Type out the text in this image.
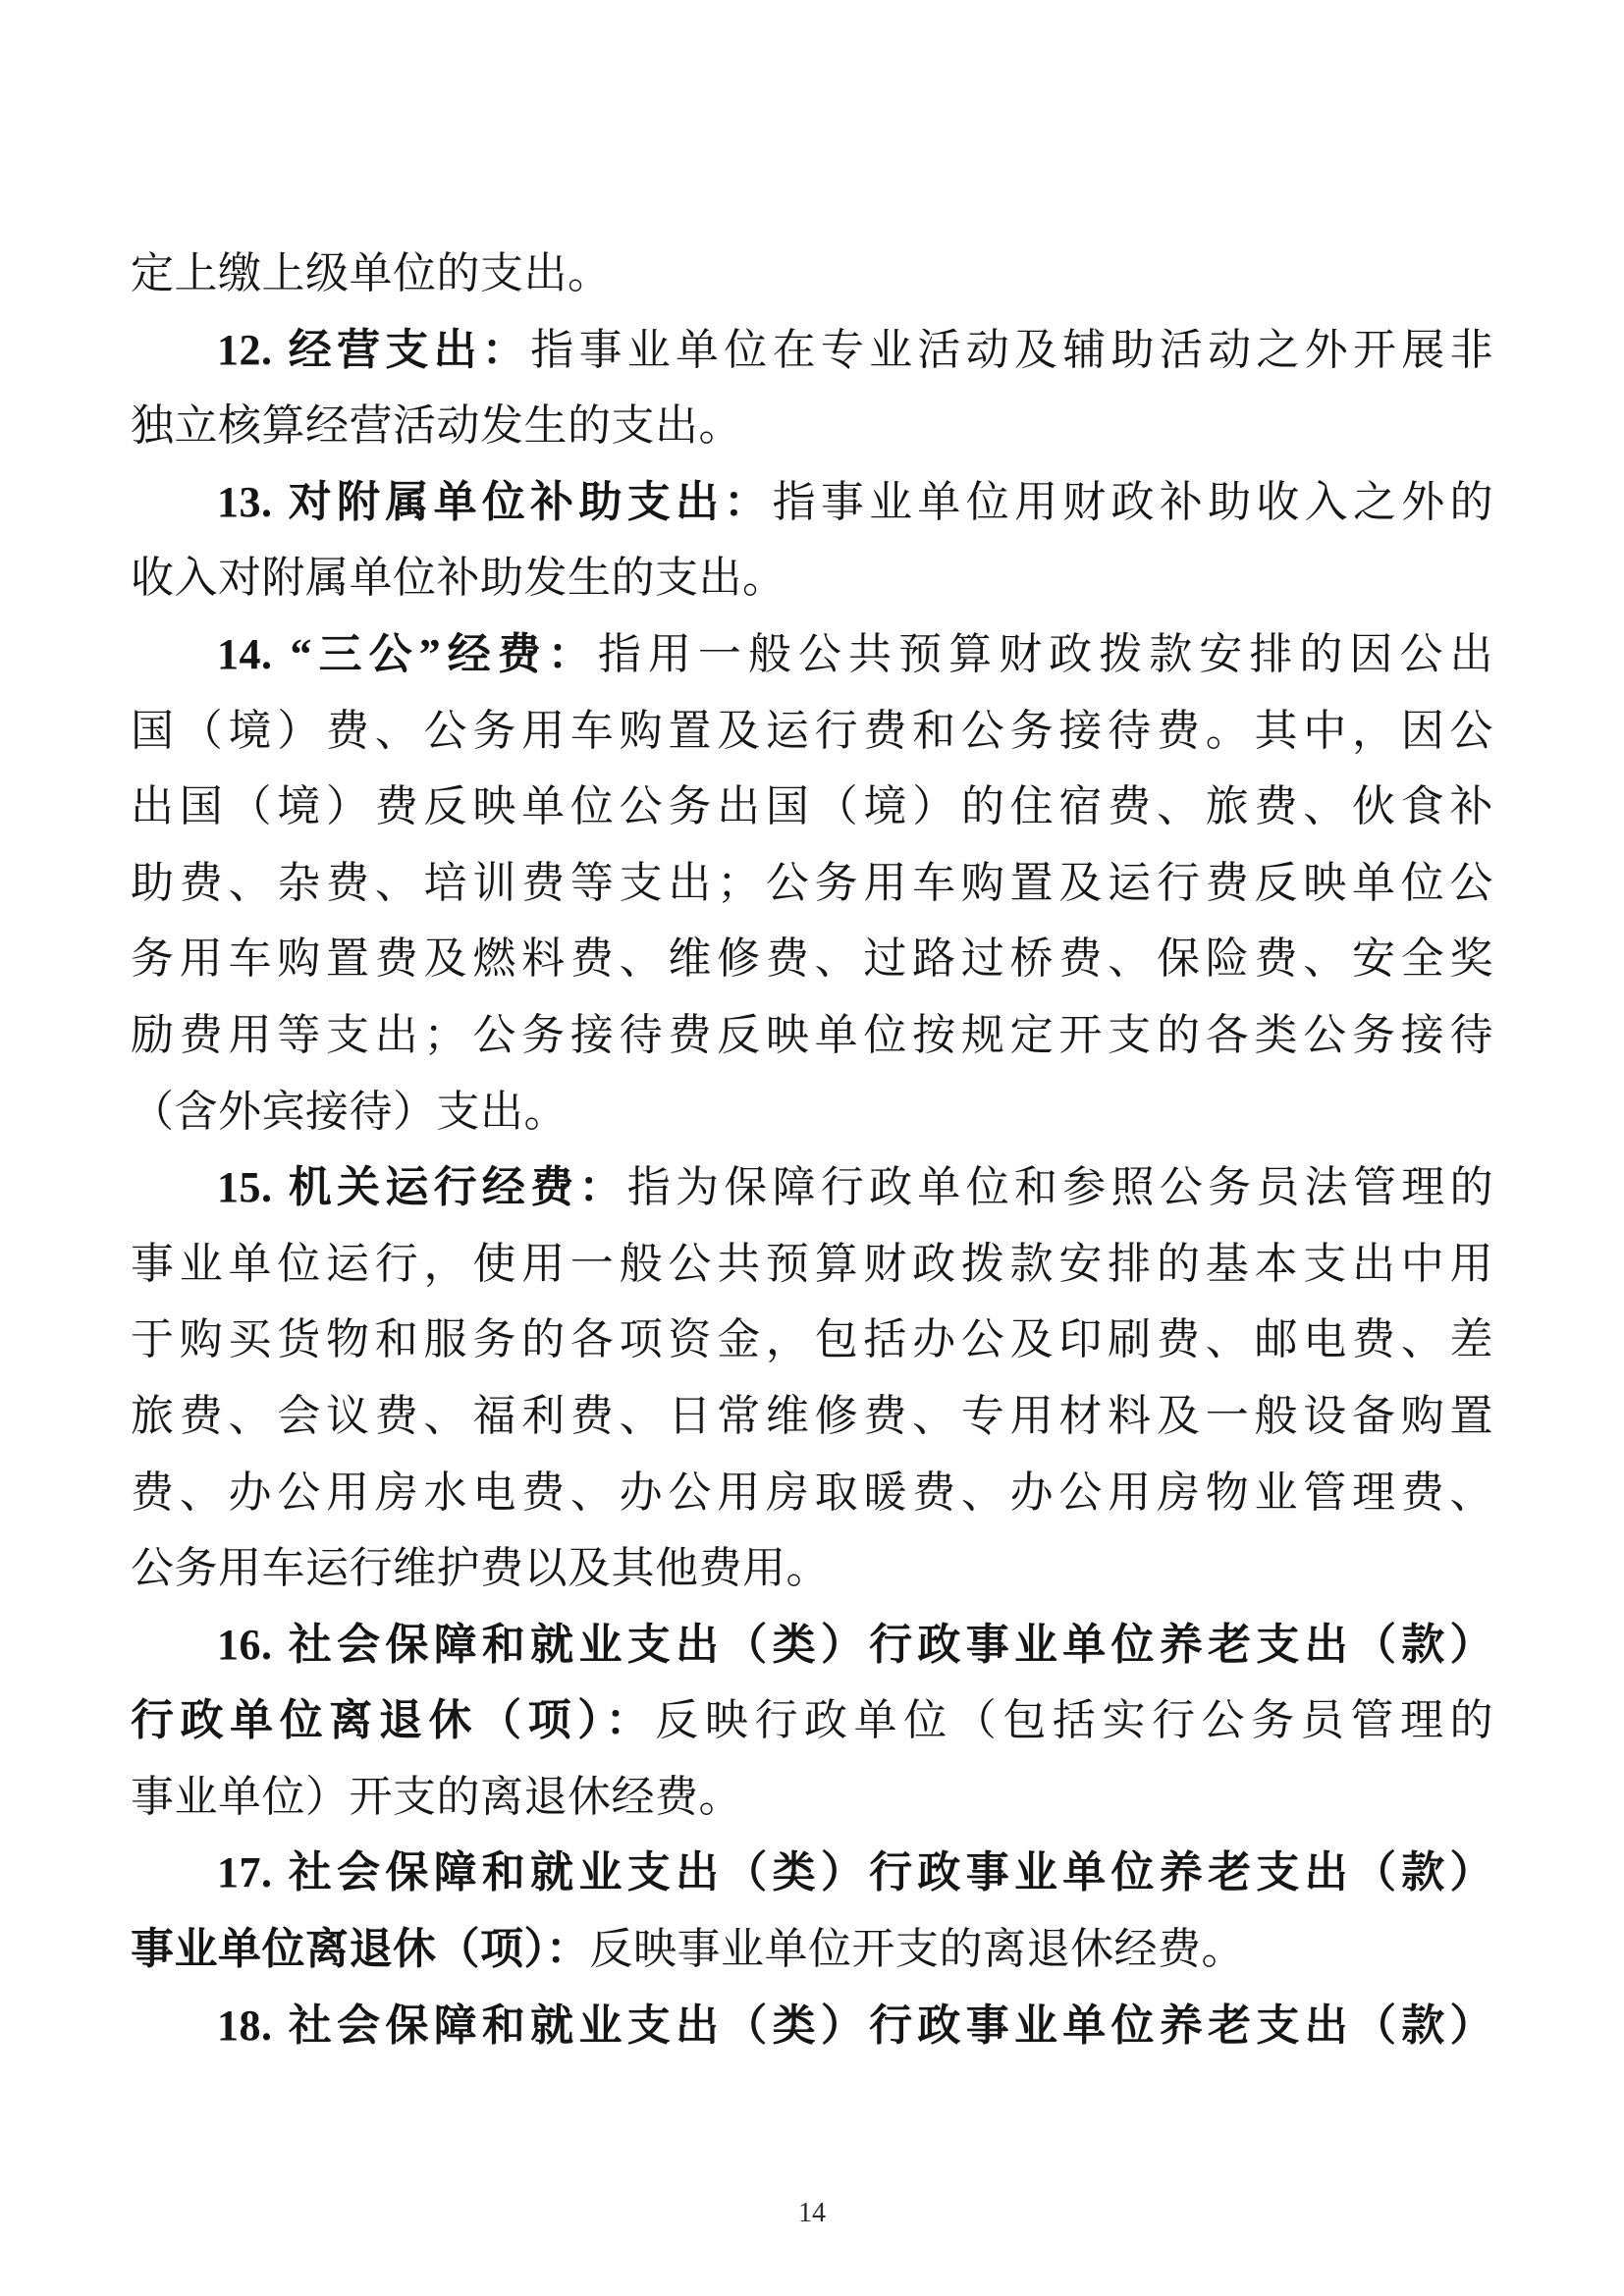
定上缴上级单位的支出。
12. 经营支出：指事业单位在专业活动及辅助活动之外开展非
独立核算经营活动发生的支出。
13. 对附属单位补助支出：指事业单位用财政补助收入之外的
收入对附属单位补助发生的支出。
14. “三公”经费：指用一般公共预算财政拨款安排的因公出
国（境）费、公务用车购置及运行费和公务接待费。其中，因公
出国（境）费反映单位公务出国（境）的住宿费、旅费、伙食补
助费、杂费、培训费等支出；公务用车购置及运行费反映单位公
务用车购置费及燃料费、维修费、过路过桥费、保险费、安全奖
励费用等支出；公务接待费反映单位按规定开支的各类公务接待
（含外宾接待）支出。
15. 机关运行经费：指为保障行政单位和参照公务员法管理的
事业单位运行，使用一般公共预算财政拨款安排的基本支出中用
于购买货物和服务的各项资金，包括办公及印刷费、邮电费、差
旅费、会议费、福利费、日常维修费、专用材料及一般设备购置
费、办公用房水电费、办公用房取暖费、办公用房物业管理费、
公务用车运行维护费以及其他费用。
16. 社会保障和就业支出（类）行政事业单位养老支出（款）
行政单位离退休（项）：反映行政单位（包括实行公务员管理的
事业单位）开支的离退休经费。
17. 社会保障和就业支出（类）行政事业单位养老支出（款）
事业单位离退休（项）：反映事业单位开支的离退休经费。
18. 社会保障和就业支出（类）行政事业单位养老支出（款）
14
